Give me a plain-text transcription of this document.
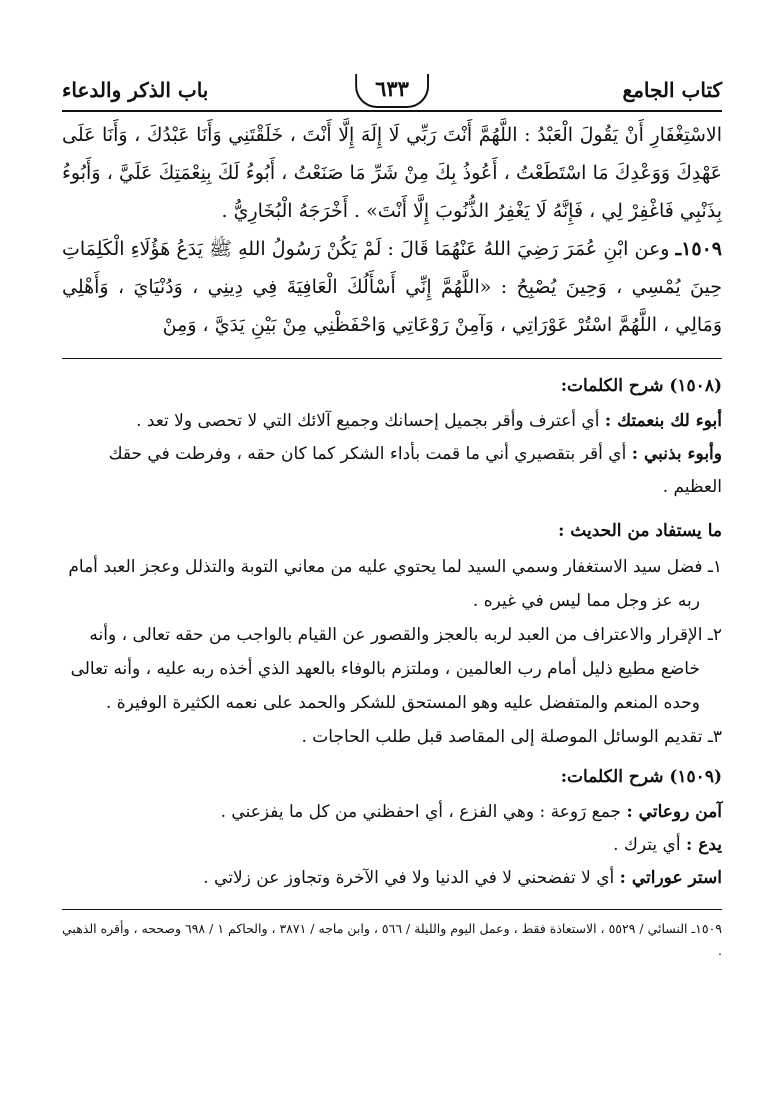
كتاب الجامع
٦٣٣
باب الذكر والدعاء

الاسْتِغْفَارِ أَنْ يَقُولَ الْعَبْدُ : اللَّهُمَّ أَنْتَ رَبِّي لَا إِلَهَ إِلَّا أَنْتَ ، خَلَقْتَنِي وَأَنَا عَبْدُكَ ، وَأَنَا عَلَى عَهْدِكَ وَوَعْدِكَ مَا اسْتَطَعْتُ ، أَعُوذُ بِكَ مِنْ شَرِّ مَا صَنَعْتُ ، أَبُوءُ لَكَ بِنِعْمَتِكَ عَلَيَّ ، وَأَبُوءُ بِذَنْبِي فَاغْفِرْ لِي ، فَإِنَّهُ لَا يَغْفِرُ الذُّنُوبَ إِلَّا أَنْتَ» . أَخْرَجَهُ الْبُخَارِيُّ .

١٥٠٩ـ وعن ابْنِ عُمَرَ رَضِيَ اللهُ عَنْهُمَا قَالَ : لَمْ يَكُنْ رَسُولُ اللهِ ﷺ يَدَعُ هَؤُلَاءِ الْكَلِمَاتِ حِينَ يُمْسِي ، وَحِينَ يُصْبِحُ : «اللَّهُمَّ إِنِّي أَسْأَلُكَ الْعَافِيَةَ فِي دِينِي ، وَدُنْيَايَ ، وَأَهْلِي وَمَالِي ، اللَّهُمَّ اسْتُرْ عَوْرَاتِي ، وَآمِنْ رَوْعَاتِي وَاحْفَظْنِي مِنْ بَيْنِ يَدَيَّ ، وَمِنْ

(١٥٠٨) شرح الكلمات:

أبوء لك بنعمتك : أي أعترف وأقر بجميل إحسانك وجميع آلائك التي لا تحصى ولا تعد .

وأبوء بذنبي : أي أقر بتقصيري أني ما قمت بأداء الشكر كما كان حقه ، وفرطت في حقك العظيم .

ما يستفاد من الحديث :
١ـ فضل سيد الاستغفار وسمي السيد لما يحتوي عليه من معاني التوبة والتذلل وعجز العبد أمام ربه عز وجل مما ليس في غيره .
٢ـ الإقرار والاعتراف من العبد لربه بالعجز والقصور عن القيام بالواجب من حقه تعالى ، وأنه خاضع مطيع ذليل أمام رب العالمين ، وملتزم بالوفاء بالعهد الذي أخذه ربه عليه ، وأنه تعالى وحده المنعم والمتفضل عليه وهو المستحق للشكر والحمد على نعمه الكثيرة الوفيرة .
٣ـ تقديم الوسائل الموصلة إلى المقاصد قبل طلب الحاجات .
(١٥٠٩) شرح الكلمات:

آمن روعاتي : جمع رَوعة : وهي الفزع ، أي احفظني من كل ما يفزعني .

يدع : أي يترك .

استر عوراتي : أي لا تفضحني لا في الدنيا ولا في الآخرة وتجاوز عن زلاتي .

١٥٠٩ـ النسائي / ٥٥٢٩ ، الاستعاذة فقط ، وعمل اليوم والليلة / ٥٦٦ ، وابن ماجه / ٣٨٧١ ، والحاكم ١ / ٦٩٨ وصححه ، وأقره الذهبي .
